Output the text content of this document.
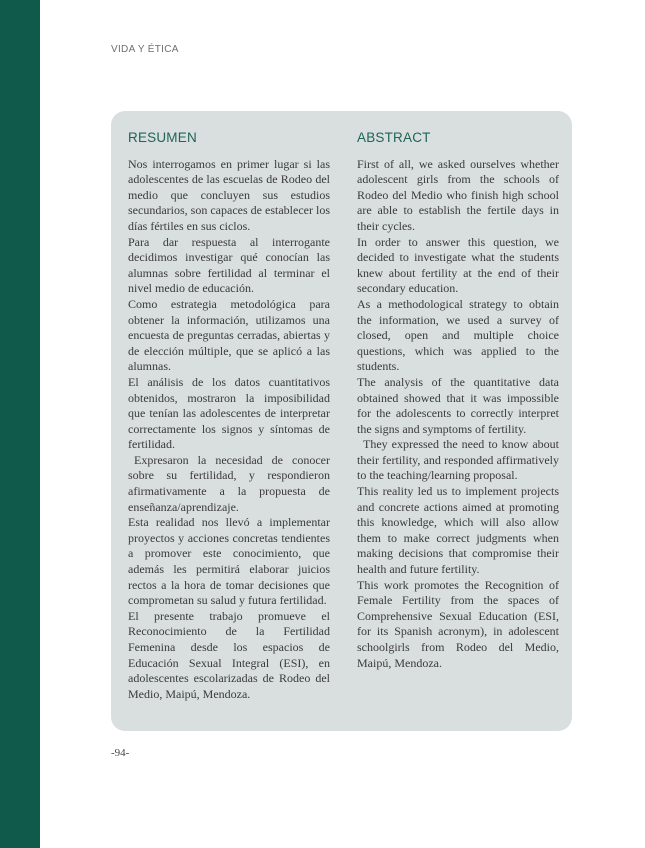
VIDA Y ÉTICA
RESUMEN

Nos interrogamos en primer lugar si las adolescentes de las escuelas de Rodeo del medio que concluyen sus estudios secundarios, son capaces de establecer los días fértiles en sus ciclos.

Para dar respuesta al interrogante decidimos investigar qué conocían las alumnas sobre fertilidad al terminar el nivel medio de educación.

Como estrategia metodológica para obtener la información, utilizamos una encuesta de preguntas cerradas, abiertas y de elección múltiple, que se aplicó a las alumnas.

El análisis de los datos cuantitativos obtenidos, mostraron la imposibilidad que tenían las adolescentes de interpretar correctamente los signos y síntomas de fertilidad.

Expresaron la necesidad de conocer sobre su fertilidad, y respondieron afirmativamente a la propuesta de enseñanza/aprendizaje.

Esta realidad nos llevó a implementar proyectos y acciones concretas tendientes a promover este conocimiento, que además les permitirá elaborar juicios rectos a la hora de tomar decisiones que comprometan su salud y futura fertilidad.

El presente trabajo promueve el Reconocimiento de la Fertilidad Femenina desde los espacios de Educación Sexual Integral (ESI), en adolescentes escolarizadas de Rodeo del Medio, Maipú, Mendoza.

ABSTRACT

First of all, we asked ourselves whether adolescent girls from the schools of Rodeo del Medio who finish high school are able to establish the fertile days in their cycles.

In order to answer this question, we decided to investigate what the students knew about fertility at the end of their secondary education.

As a methodological strategy to obtain the information, we used a survey of closed, open and multiple choice questions, which was applied to the students.

The analysis of the quantitative data obtained showed that it was impossible for the adolescents to correctly interpret the signs and symptoms of fertility.

They expressed the need to know about their fertility, and responded affirmatively to the teaching/learning proposal.

This reality led us to implement projects and concrete actions aimed at promoting this knowledge, which will also allow them to make correct judgments when making decisions that compromise their health and future fertility.

This work promotes the Recognition of Female Fertility from the spaces of Comprehensive Sexual Education (ESI, for its Spanish acronym), in adolescent schoolgirls from Rodeo del Medio, Maipú, Mendoza.

-94-
